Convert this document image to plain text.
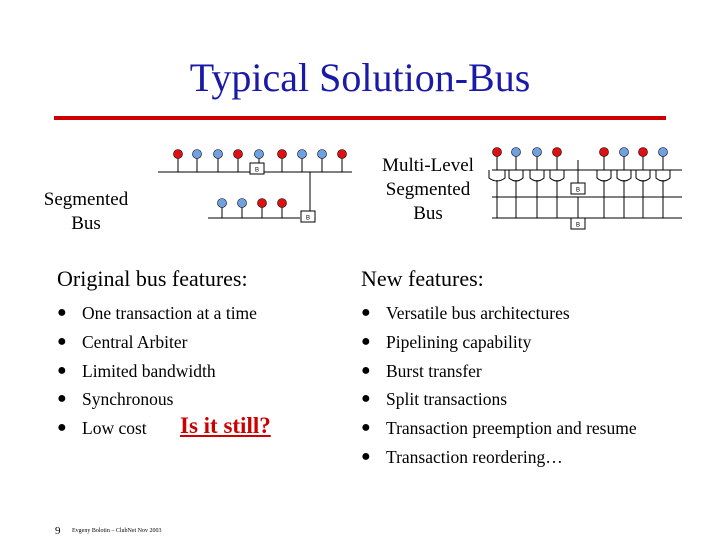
Typical Solution-Bus
Segmented
Bus
Multi-Level
Segmented
Bus
B
B
B
B
Original bus features:
● One transaction at a time
● Central Arbiter
● Limited bandwidth
● Synchronous
● Low cost	Is it still?
New features:
● Versatile bus architectures
● Pipelining capability
● Burst transfer
● Split transactions
● Transaction preemption and resume
● Transaction reordering…
9 Evgeny Bolotin – ClubNet Nov 2003
